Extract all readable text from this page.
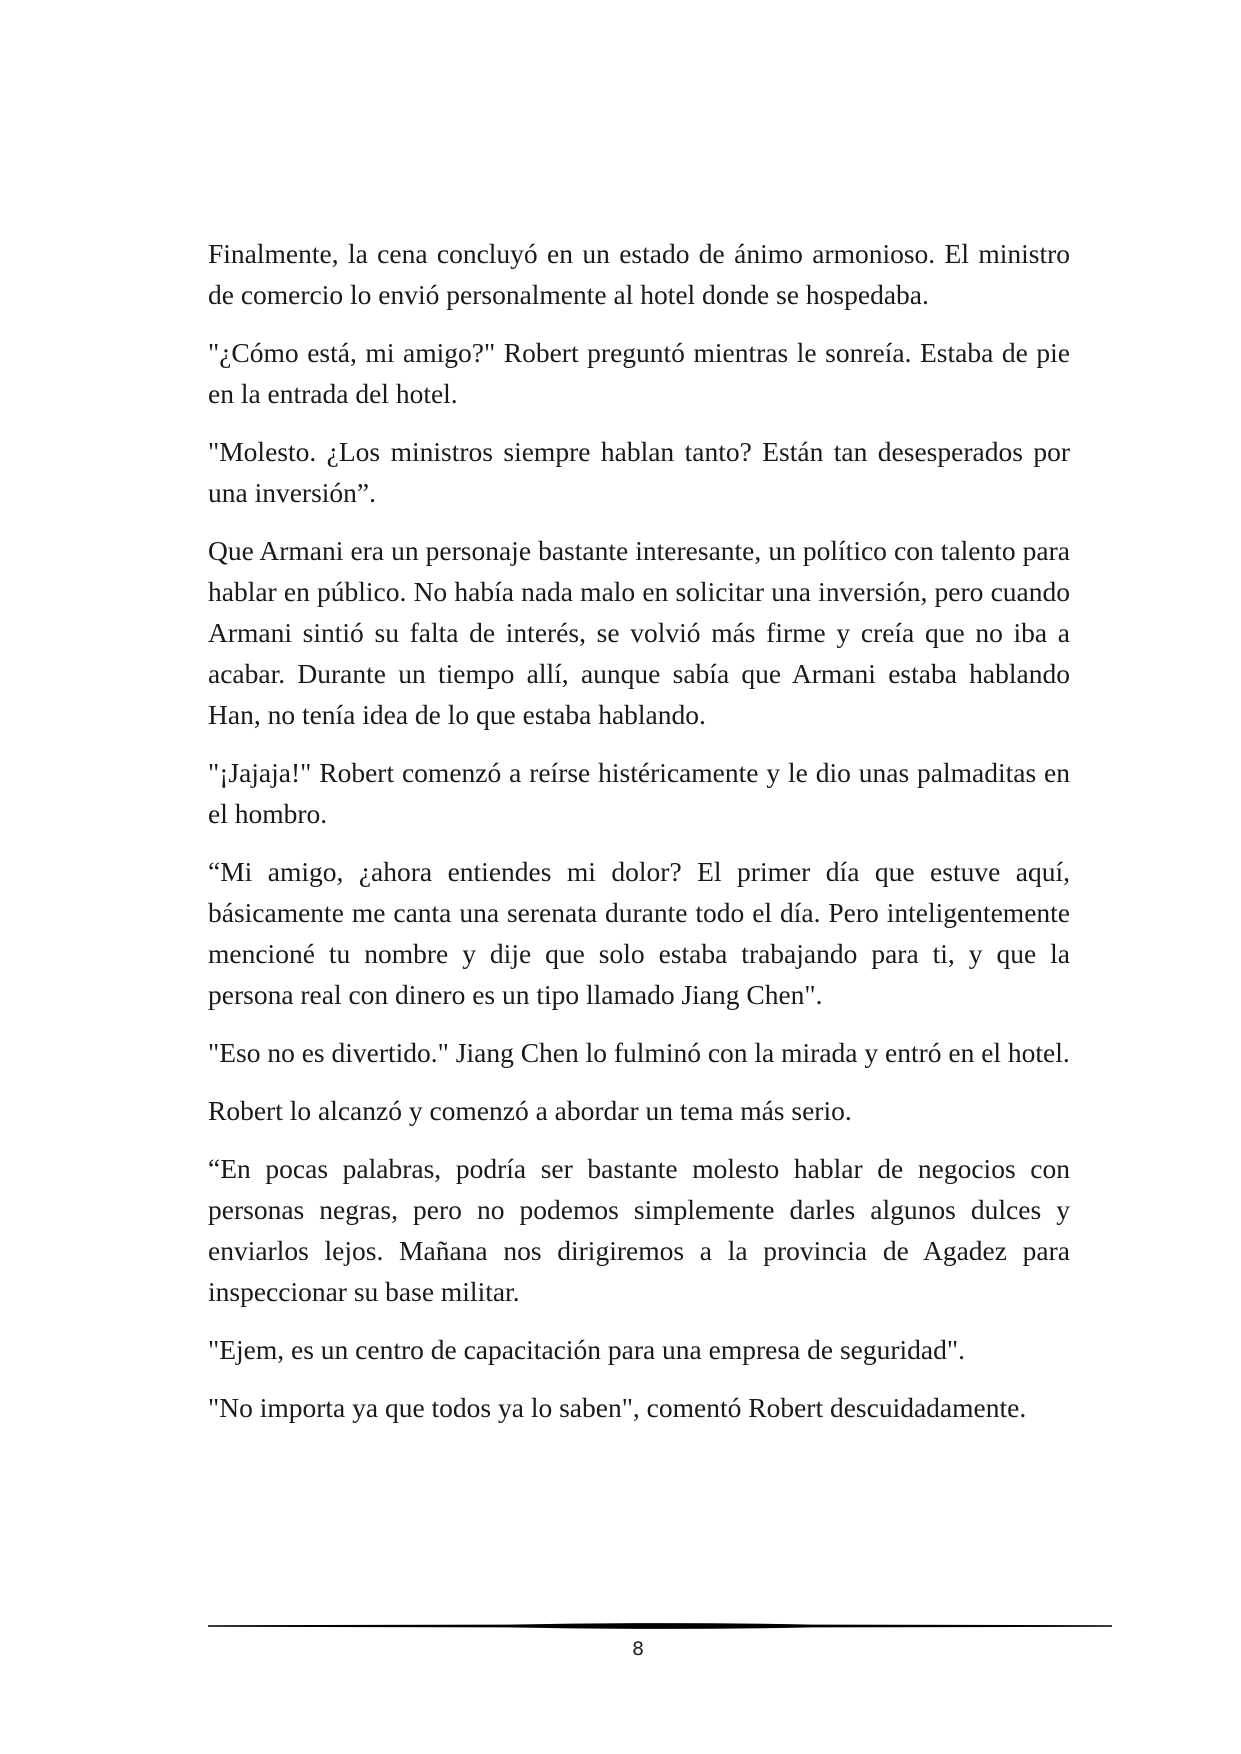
Finalmente, la cena concluyó en un estado de ánimo armonioso. El ministro de comercio lo envió personalmente al hotel donde se hospedaba.

"¿Cómo está, mi amigo?" Robert preguntó mientras le sonreía. Estaba de pie en la entrada del hotel.

"Molesto. ¿Los ministros siempre hablan tanto? Están tan desesperados por una inversión”.

Que Armani era un personaje bastante interesante, un político con talento para hablar en público. No había nada malo en solicitar una inversión, pero cuando Armani sintió su falta de interés, se volvió más firme y creía que no iba a acabar. Durante un tiempo allí, aunque sabía que Armani estaba hablando Han, no tenía idea de lo que estaba hablando.

"¡Jajaja!" Robert comenzó a reírse histéricamente y le dio unas palmaditas en el hombro.

“Mi amigo, ¿ahora entiendes mi dolor? El primer día que estuve aquí, básicamente me canta una serenata durante todo el día. Pero inteligentemente mencioné tu nombre y dije que solo estaba trabajando para ti, y que la persona real con dinero es un tipo llamado Jiang Chen".

"Eso no es divertido." Jiang Chen lo fulminó con la mirada y entró en el hotel.

Robert lo alcanzó y comenzó a abordar un tema más serio.

“En pocas palabras, podría ser bastante molesto hablar de negocios con personas negras, pero no podemos simplemente darles algunos dulces y enviarlos lejos. Mañana nos dirigiremos a la provincia de Agadez para inspeccionar su base militar.

"Ejem, es un centro de capacitación para una empresa de seguridad".

"No importa ya que todos ya lo saben", comentó Robert descuidadamente.

8
